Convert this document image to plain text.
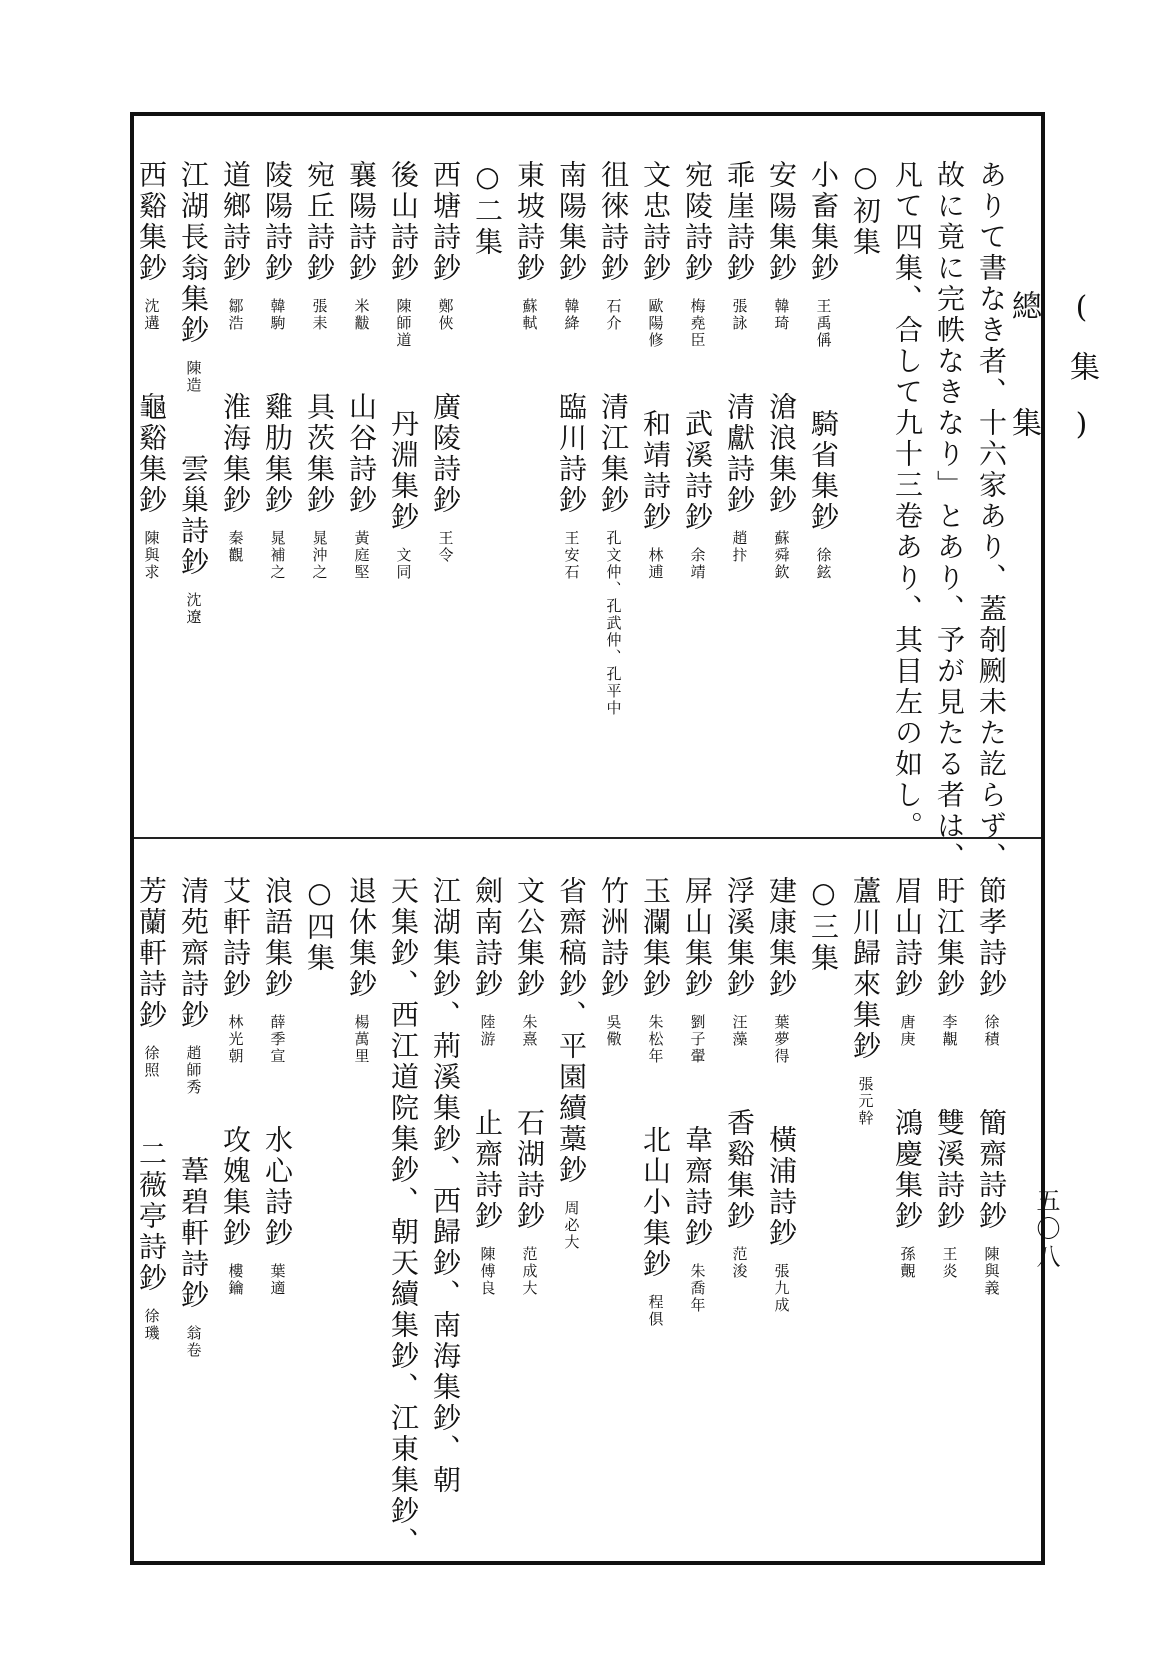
(集)
總 集
五〇八
ありて書なき者、十六家あり、蓋剞劂未た訖らず、
故に竟に完帙なきなり」とあり、予が見たる者は、
凡て四集、合して九十三卷あり、其目左の如し。
○初集
小畜集鈔
王禹偁
騎省集鈔
徐鉉
安陽集鈔
韓琦
滄浪集鈔
蘇舜欽
乖崖詩鈔
張詠
清獻詩鈔
趙抃
宛陵詩鈔
梅堯臣
武溪詩鈔
余靖
文忠詩鈔
歐陽修
和靖詩鈔
林逋
徂徠詩鈔
石介
清江集鈔
孔文仲、孔武仲、孔平中
南陽集鈔
韓絳
臨川詩鈔
王安石
東坡詩鈔
蘇軾
○二集
西塘詩鈔
鄭俠
廣陵詩鈔
王令
後山詩鈔
陳師道
丹淵集鈔
文同
襄陽詩鈔
米黻
山谷詩鈔
黃庭堅
宛丘詩鈔
張耒
具茨集鈔
晁沖之
陵陽詩鈔
韓駒
雞肋集鈔
晁補之
道鄉詩鈔
鄒浩
淮海集鈔
秦觀
江湖長翁集鈔
陳造
雲巢詩鈔
沈遼
西谿集鈔
沈遘
龜谿集鈔
陳與求
節孝詩鈔
徐積
簡齋詩鈔
陳與義
盱江集鈔
李覯
雙溪詩鈔
王炎
眉山詩鈔
唐庚
鴻慶集鈔
孫覿
蘆川歸來集鈔
張元幹
○三集
建康集鈔
葉夢得
橫浦詩鈔
張九成
浮溪集鈔
汪藻
香谿集鈔
范浚
屏山集鈔
劉子翬
韋齋詩鈔
朱喬年
玉瀾集鈔
朱松年
北山小集鈔
程俱
竹洲詩鈔
吳儆
省齋稿鈔、平園續藁鈔
周必大
文公集鈔
朱熹
石湖詩鈔
范成大
劍南詩鈔
陸游
止齋詩鈔
陳傅良
江湖集鈔、荊溪集鈔、西歸鈔、南海集鈔、朝
天集鈔、西江道院集鈔、朝天續集鈔、江東集鈔、
退休集鈔
楊萬里
○四集
浪語集鈔
薛季宣
水心詩鈔
葉適
艾軒詩鈔
林光朝
攻媿集鈔
樓鑰
清苑齋詩鈔
趙師秀
葦碧軒詩鈔
翁卷
芳蘭軒詩鈔
徐照
二薇亭詩鈔
徐璣
